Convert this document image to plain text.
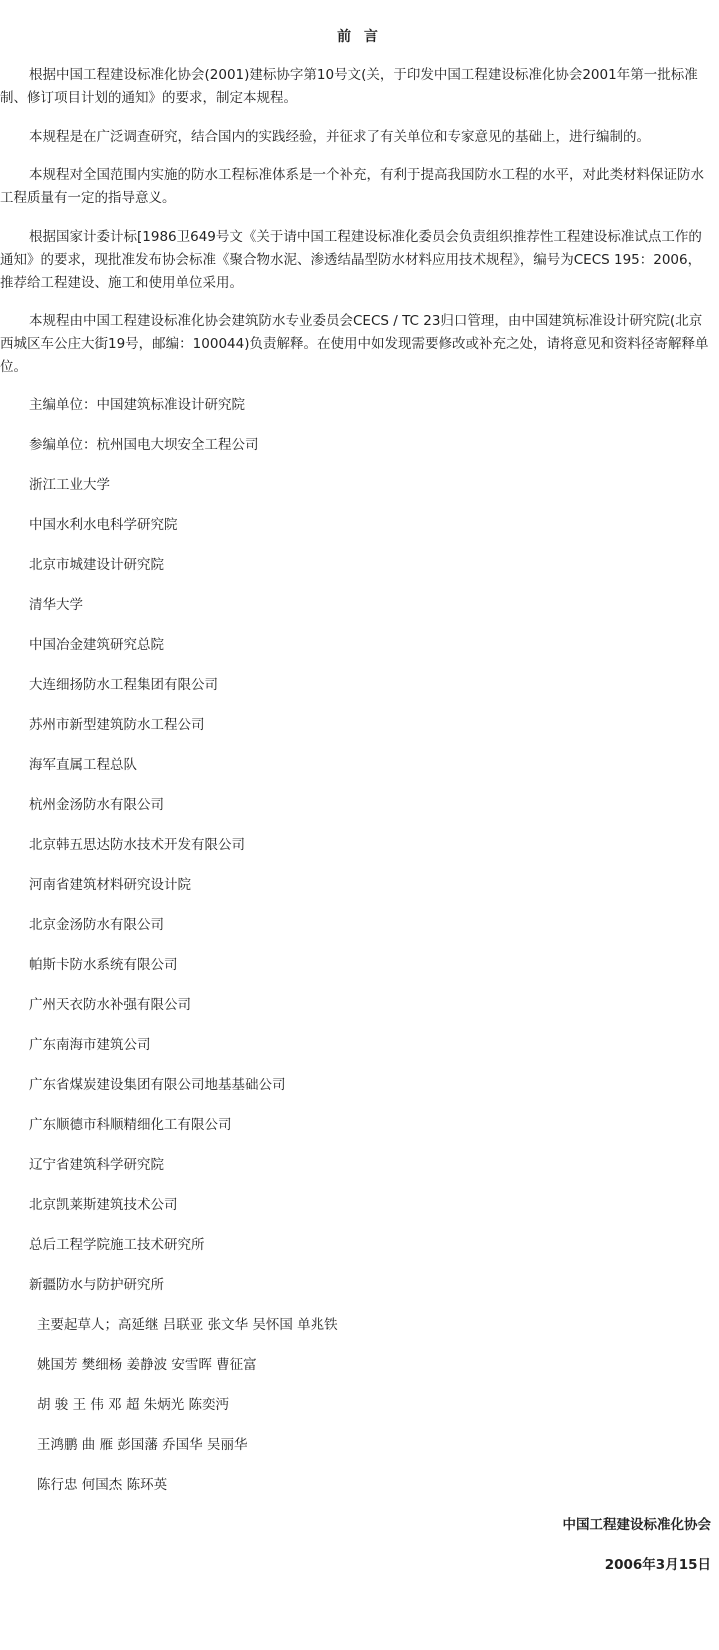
前 言

根据中国工程建设标准化协会(2001)建标协字第10号文(关，于印发中国工程建设标准化协会2001年第一批标准制、修订项目计划的通知》的要求，制定本规程。

本规程是在广泛调查研究，结合国内的实践经验，并征求了有关单位和专家意见的基础上，进行编制的。

本规程对全国范围内实施的防水工程标准体系是一个补充，有利于提高我国防水工程的水平，对此类材料保证防水工程质量有一定的指导意义。

根据国家计委计标[1986卫649号文《关于请中国工程建设标准化委员会负责组织推荐性工程建设标准试点工作的通知》的要求，现批准发布协会标准《聚合物水泥、渗透结晶型防水材料应用技术规程》，编号为CECS 195：2006，推荐给工程建设、施工和使用单位采用。

本规程由中国工程建设标准化协会建筑防水专业委员会CECS / TC 23归口管理，由中国建筑标准设计研究院(北京西城区车公庄大街19号，邮编：100044)负责解释。在使用中如发现需要修改或补充之处，请将意见和资料径寄解释单位。

主编单位：中国建筑标准设计研究院
参编单位：杭州国电大坝安全工程公司
浙江工业大学
中国水利水电科学研究院
北京市城建设计研究院
清华大学
中国冶金建筑研究总院
大连细扬防水工程集团有限公司
苏州市新型建筑防水工程公司
海军直属工程总队
杭州金汤防水有限公司
北京韩五思达防水技术开发有限公司
河南省建筑材料研究设计院
北京金汤防水有限公司
帕斯卡防水系统有限公司
广州天衣防水补强有限公司
广东南海市建筑公司
广东省煤炭建设集团有限公司地基基础公司
广东顺德市科顺精细化工有限公司
辽宁省建筑科学研究院
北京凯莱斯建筑技术公司
总后工程学院施工技术研究所
新疆防水与防护研究所
主要起草人；高延继 吕联亚 张文华 吴怀国 单兆铁
姚国芳 樊细杨 姜静波 安雪晖 曹征富
胡 骏 王 伟 邓 超 朱炳光 陈奕沔
王鸿鹏 曲 雁 彭国藩 乔国华 吴丽华
陈行忠 何国杰 陈环英
中国工程建设标准化协会
2006年3月15日
